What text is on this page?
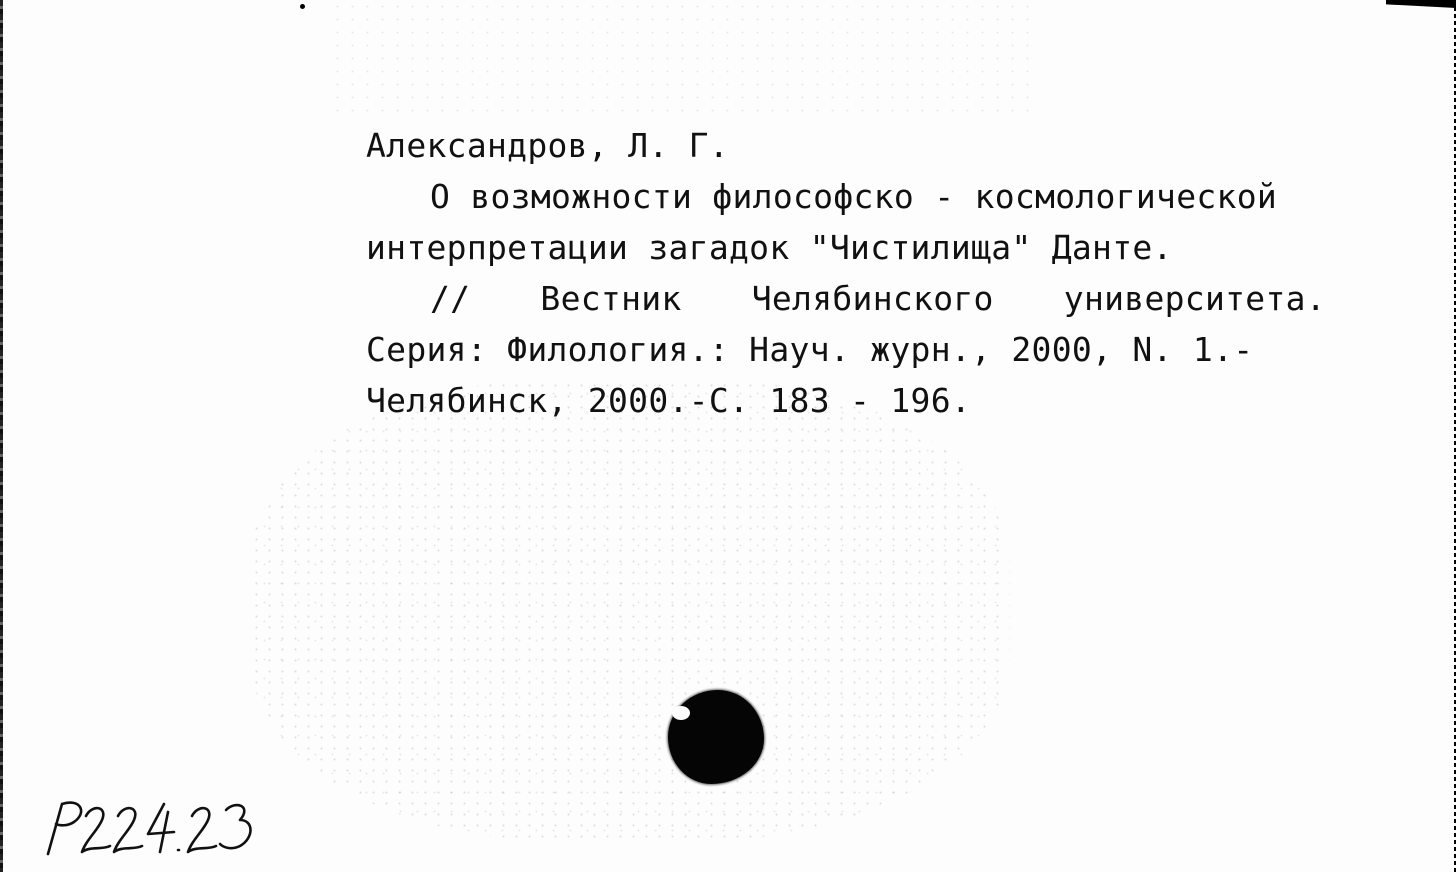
Александров, Л. Г.
О возможности философско - космологической
интерпретации загадок "Чистилища" Данте.
// Вестник Челябинского университета.
Серия: Филология.: Науч. журн., 2000, N. 1.-
Челябинск, 2000.-С. 183 - 196.
